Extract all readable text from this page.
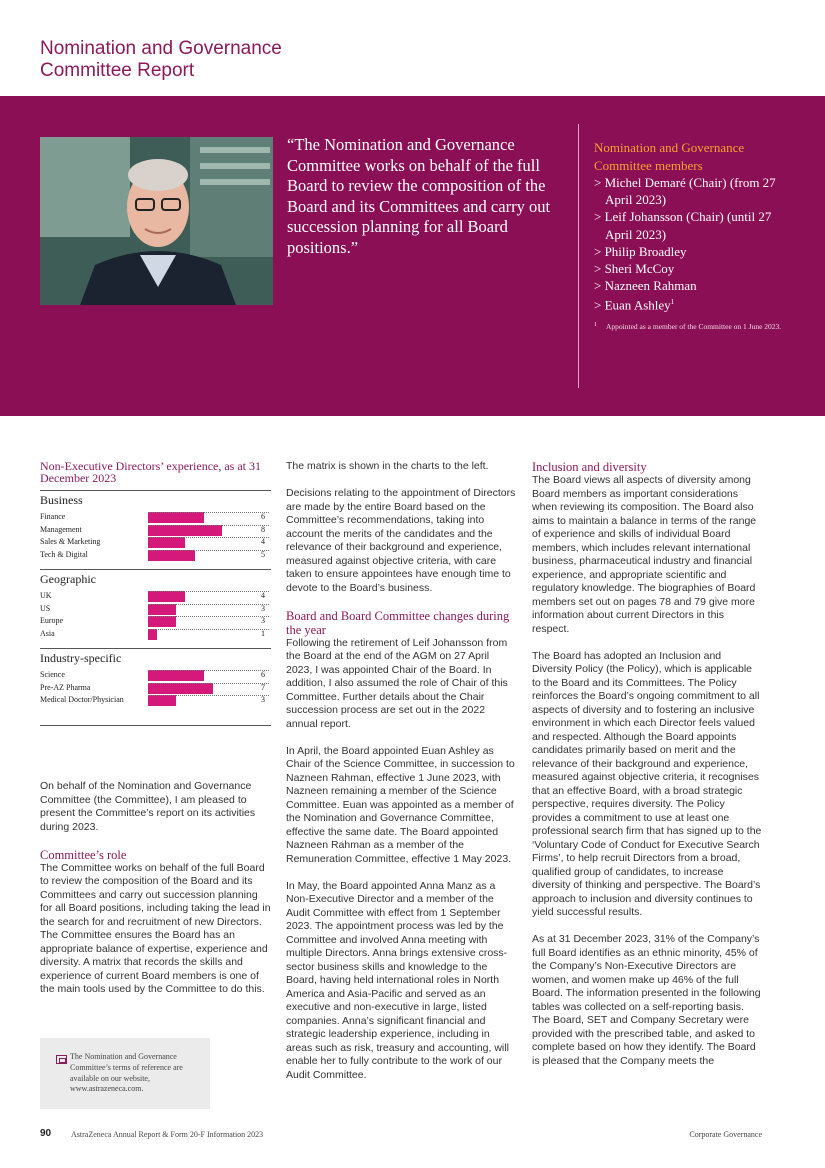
Nomination and Governance
Committee Report
“The Nomination and Governance Committee works on behalf of the full Board to review the composition of the Board and its Committees and carry out succession planning for all Board positions.”
Nomination and Governance Committee members
> Michel Demaré (Chair) (from 27 April 2023)
> Leif Johansson (Chair) (until 27 April 2023)
> Philip Broadley
> Sheri McCoy
> Nazneen Rahman
> Euan Ashley$^1$
1 Appointed as a member of the Committee on 1 June 2023.
Non-Executive Directors’ experience, as at 31 December 2023
Business
Finance	6
Management	8
Sales & Marketing	4
Tech & Digital	5
Geographic
UK	4
US	3
Europe	3
Asia	1
Industry-specific
Science	6
Pre-AZ Pharma	7
Medical Doctor/Physician	3
On behalf of the Nomination and Governance Committee (the Committee), I am pleased to present the Committee’s report on its activities during 2023.
Committee’s role
The Committee works on behalf of the full Board to review the composition of the Board and its Committees and carry out succession planning for all Board positions, including taking the lead in the search for and recruitment of new Directors. The Committee ensures the Board has an appropriate balance of expertise, experience and diversity. A matrix that records the skills and experience of current Board members is one of the main tools used by the Committee to do this.
The Nomination and Governance Committee’s terms of reference are available on our website, www.astrazeneca.com.
The matrix is shown in the charts to the left.
Decisions relating to the appointment of Directors are made by the entire Board based on the Committee’s recommendations, taking into account the merits of the candidates and the relevance of their background and experience, measured against objective criteria, with care taken to ensure appointees have enough time to devote to the Board’s business.
Board and Board Committee changes during the year
Following the retirement of Leif Johansson from the Board at the end of the AGM on 27 April 2023, I was appointed Chair of the Board. In addition, I also assumed the role of Chair of this Committee. Further details about the Chair succession process are set out in the 2022 annual report.
In April, the Board appointed Euan Ashley as Chair of the Science Committee, in succession to Nazneen Rahman, effective 1 June 2023, with Nazneen remaining a member of the Science Committee. Euan was appointed as a member of the Nomination and Governance Committee, effective the same date. The Board appointed Nazneen Rahman as a member of the Remuneration Committee, effective 1 May 2023.
In May, the Board appointed Anna Manz as a Non-Executive Director and a member of the Audit Committee with effect from 1 September 2023. The appointment process was led by the Committee and involved Anna meeting with multiple Directors. Anna brings extensive cross-sector business skills and knowledge to the Board, having held international roles in North America and Asia-Pacific and served as an executive and non-executive in large, listed companies. Anna’s significant financial and strategic leadership experience, including in areas such as risk, treasury and accounting, will enable her to fully contribute to the work of our Audit Committee.
Inclusion and diversity
The Board views all aspects of diversity among Board members as important considerations when reviewing its composition. The Board also aims to maintain a balance in terms of the range of experience and skills of individual Board members, which includes relevant international business, pharmaceutical industry and financial experience, and appropriate scientific and regulatory knowledge. The biographies of Board members set out on pages 78 and 79 give more information about current Directors in this respect.
The Board has adopted an Inclusion and Diversity Policy (the Policy), which is applicable to the Board and its Committees. The Policy reinforces the Board’s ongoing commitment to all aspects of diversity and to fostering an inclusive environment in which each Director feels valued and respected. Although the Board appoints candidates primarily based on merit and the relevance of their background and experience, measured against objective criteria, it recognises that an effective Board, with a broad strategic perspective, requires diversity. The Policy provides a commitment to use at least one professional search firm that has signed up to the ‘Voluntary Code of Conduct for Executive Search Firms’, to help recruit Directors from a broad, qualified group of candidates, to increase diversity of thinking and perspective. The Board’s approach to inclusion and diversity continues to yield successful results.
As at 31 December 2023, 31% of the Company’s full Board identifies as an ethnic minority, 45% of the Company’s Non-Executive Directors are women, and women make up 46% of the full Board. The information presented in the following tables was collected on a self-reporting basis. The Board, SET and Company Secretary were provided with the prescribed table, and asked to complete based on how they identify. The Board is pleased that the Company meets the
90 AstraZeneca Annual Report & Form 20-F Information 2023	Corporate Governance
